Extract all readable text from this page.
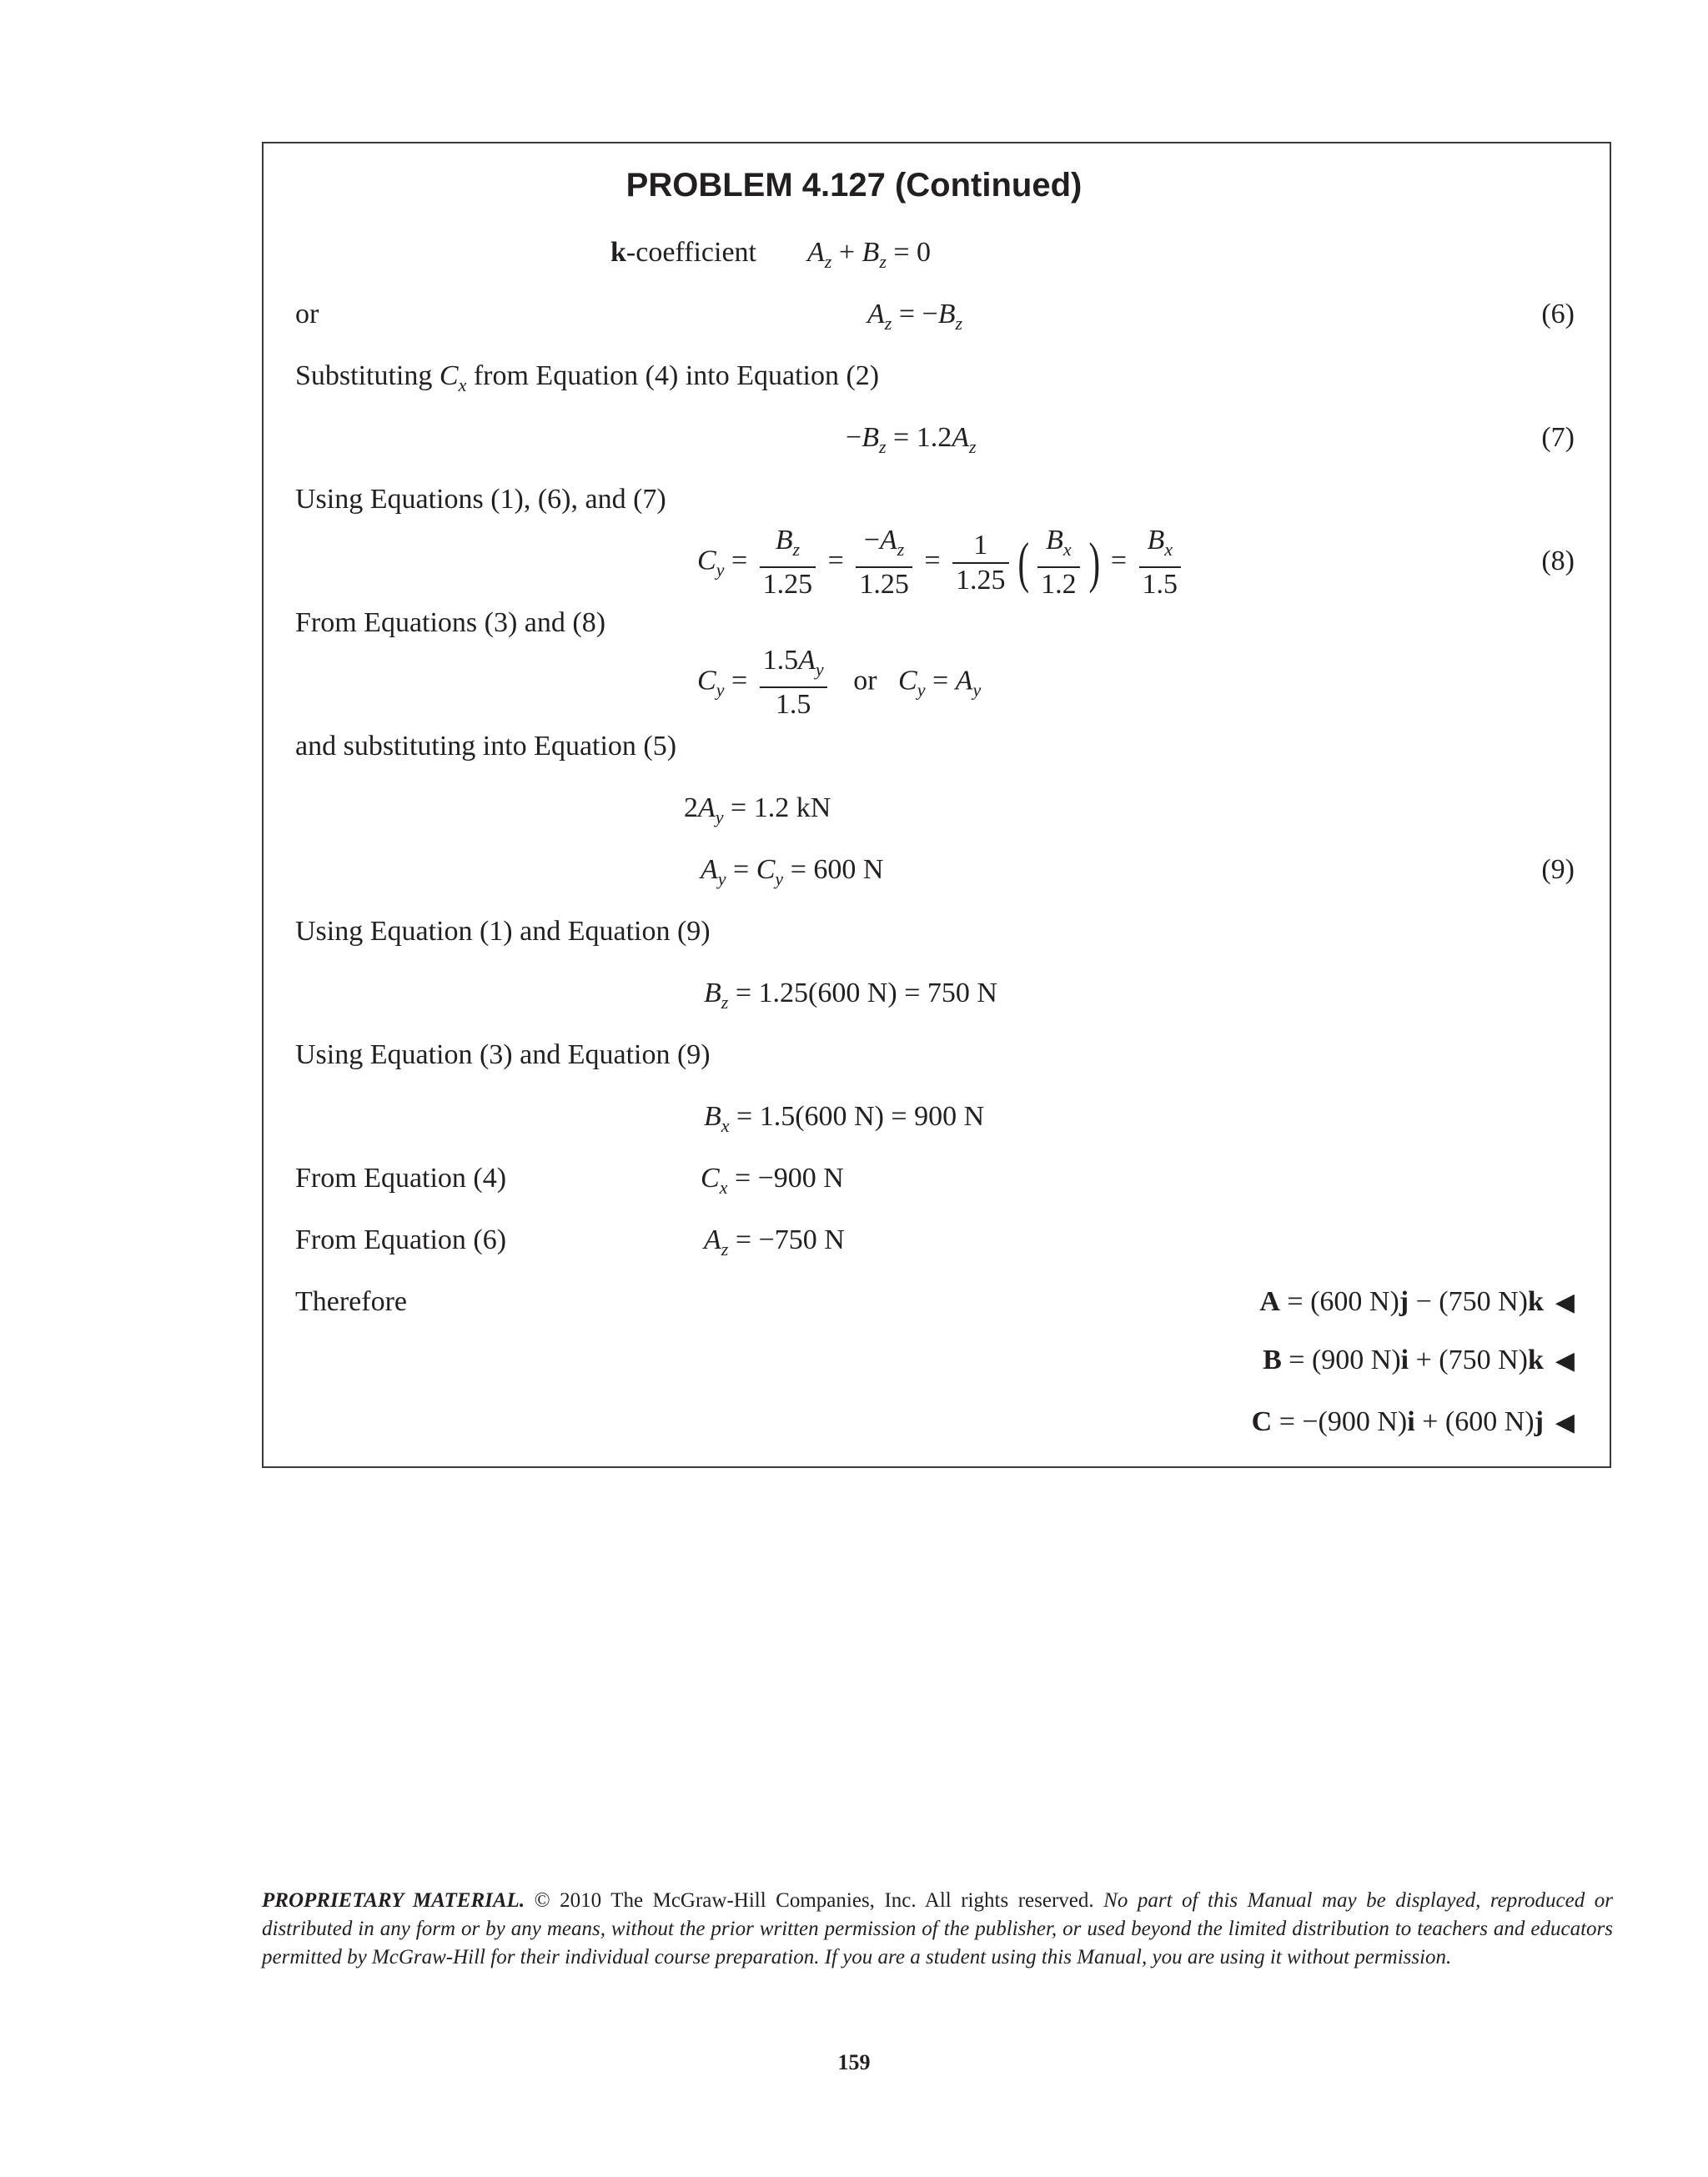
PROBLEM 4.127 (Continued)
k-coefficient $A_z + B_z = 0$
or	$A_z = -B_z$	(6)
Substituting $C_x$ from Equation (4) into Equation (2)
$-B_z = 1.2A_z$	(7)
Using Equations (1), (6), and (7)
$C_y = \frac{B_z}{1.25} = \frac{-A_z}{1.25} = \frac{1}{1.25}$ ( $\frac{B_x}{1.2}$ ) = $\frac{B_x}{1.5}$	(8)
From Equations (3) and (8)
$C_y = \frac{1.5A_y}{1.5}$ or $C_y = A_y$
and substituting into Equation (5)
$2A_y = 1.2$ kN
$A_y = C_y = 600$ N	(9)
Using Equation (1) and Equation (9)
$B_z = 1.25(600$ N) = 750 N
Using Equation (3) and Equation (9)
$B_x = 1.5(600$ N) = 900 N
From Equation (4)	$C_x = -900$ N
From Equation (6)	$A_z = -750$ N
Therefore	A = (600 N)j − (750 N)k ◀
B = (900 N)i + (750 N)k ◀
C = −(900 N)i + (600 N)j ◀
PROPRIETARY MATERIAL. © 2010 The McGraw-Hill Companies, Inc. All rights reserved. No part of this Manual may be displayed, reproduced or distributed in any form or by any means, without the prior written permission of the publisher, or used beyond the limited distribution to teachers and educators permitted by McGraw-Hill for their individual course preparation. If you are a student using this Manual, you are using it without permission.
159
